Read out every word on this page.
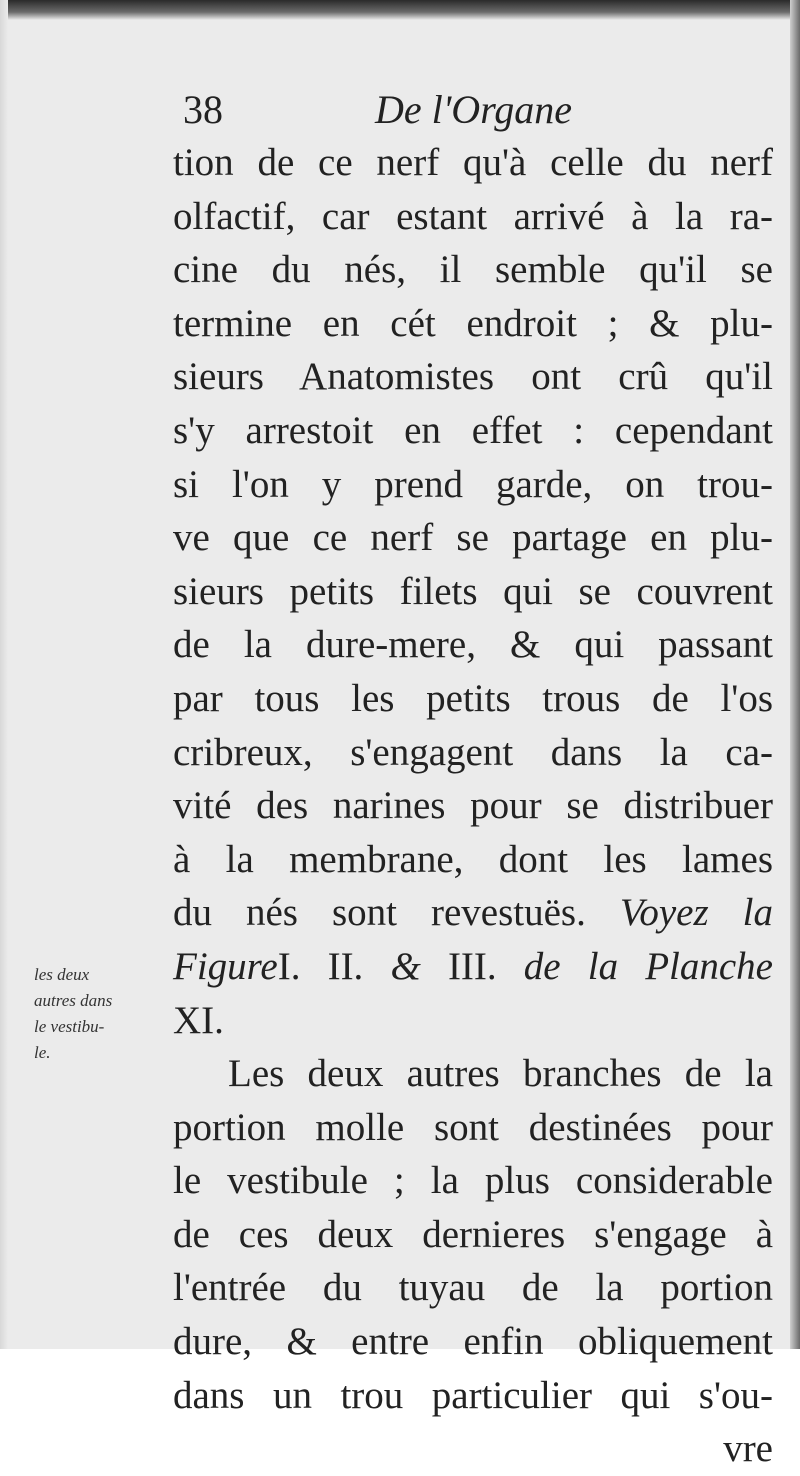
38	De l'Organe
les deux
autres dans
le vestibu-
le.
tion de ce nerf qu'à celle du nerf
olfactif, car estant arrivé à la ra-
cine du nés, il semble qu'il se
termine en cét endroit ; & plu-
sieurs Anatomistes ont crû qu'il
s'y arrestoit en effet : cependant
si l'on y prend garde, on trou-
ve que ce nerf se partage en plu-
sieurs petits filets qui se couvrent
de la dure-mere, & qui passant
par tous les petits trous de l'os
cribreux, s'engagent dans la ca-
vité des narines pour se distribuer
à la membrane, dont les lames
du nés sont revestuës. Voyez la
FigureI. II. & III. de la Planche
XI.
Les deux autres branches de la
portion molle sont destinées pour
le vestibule ; la plus considerable
de ces deux dernieres s'engage à
l'entrée du tuyau de la portion
dure, & entre enfin obliquement
dans un trou particulier qui s'ou-
vre
